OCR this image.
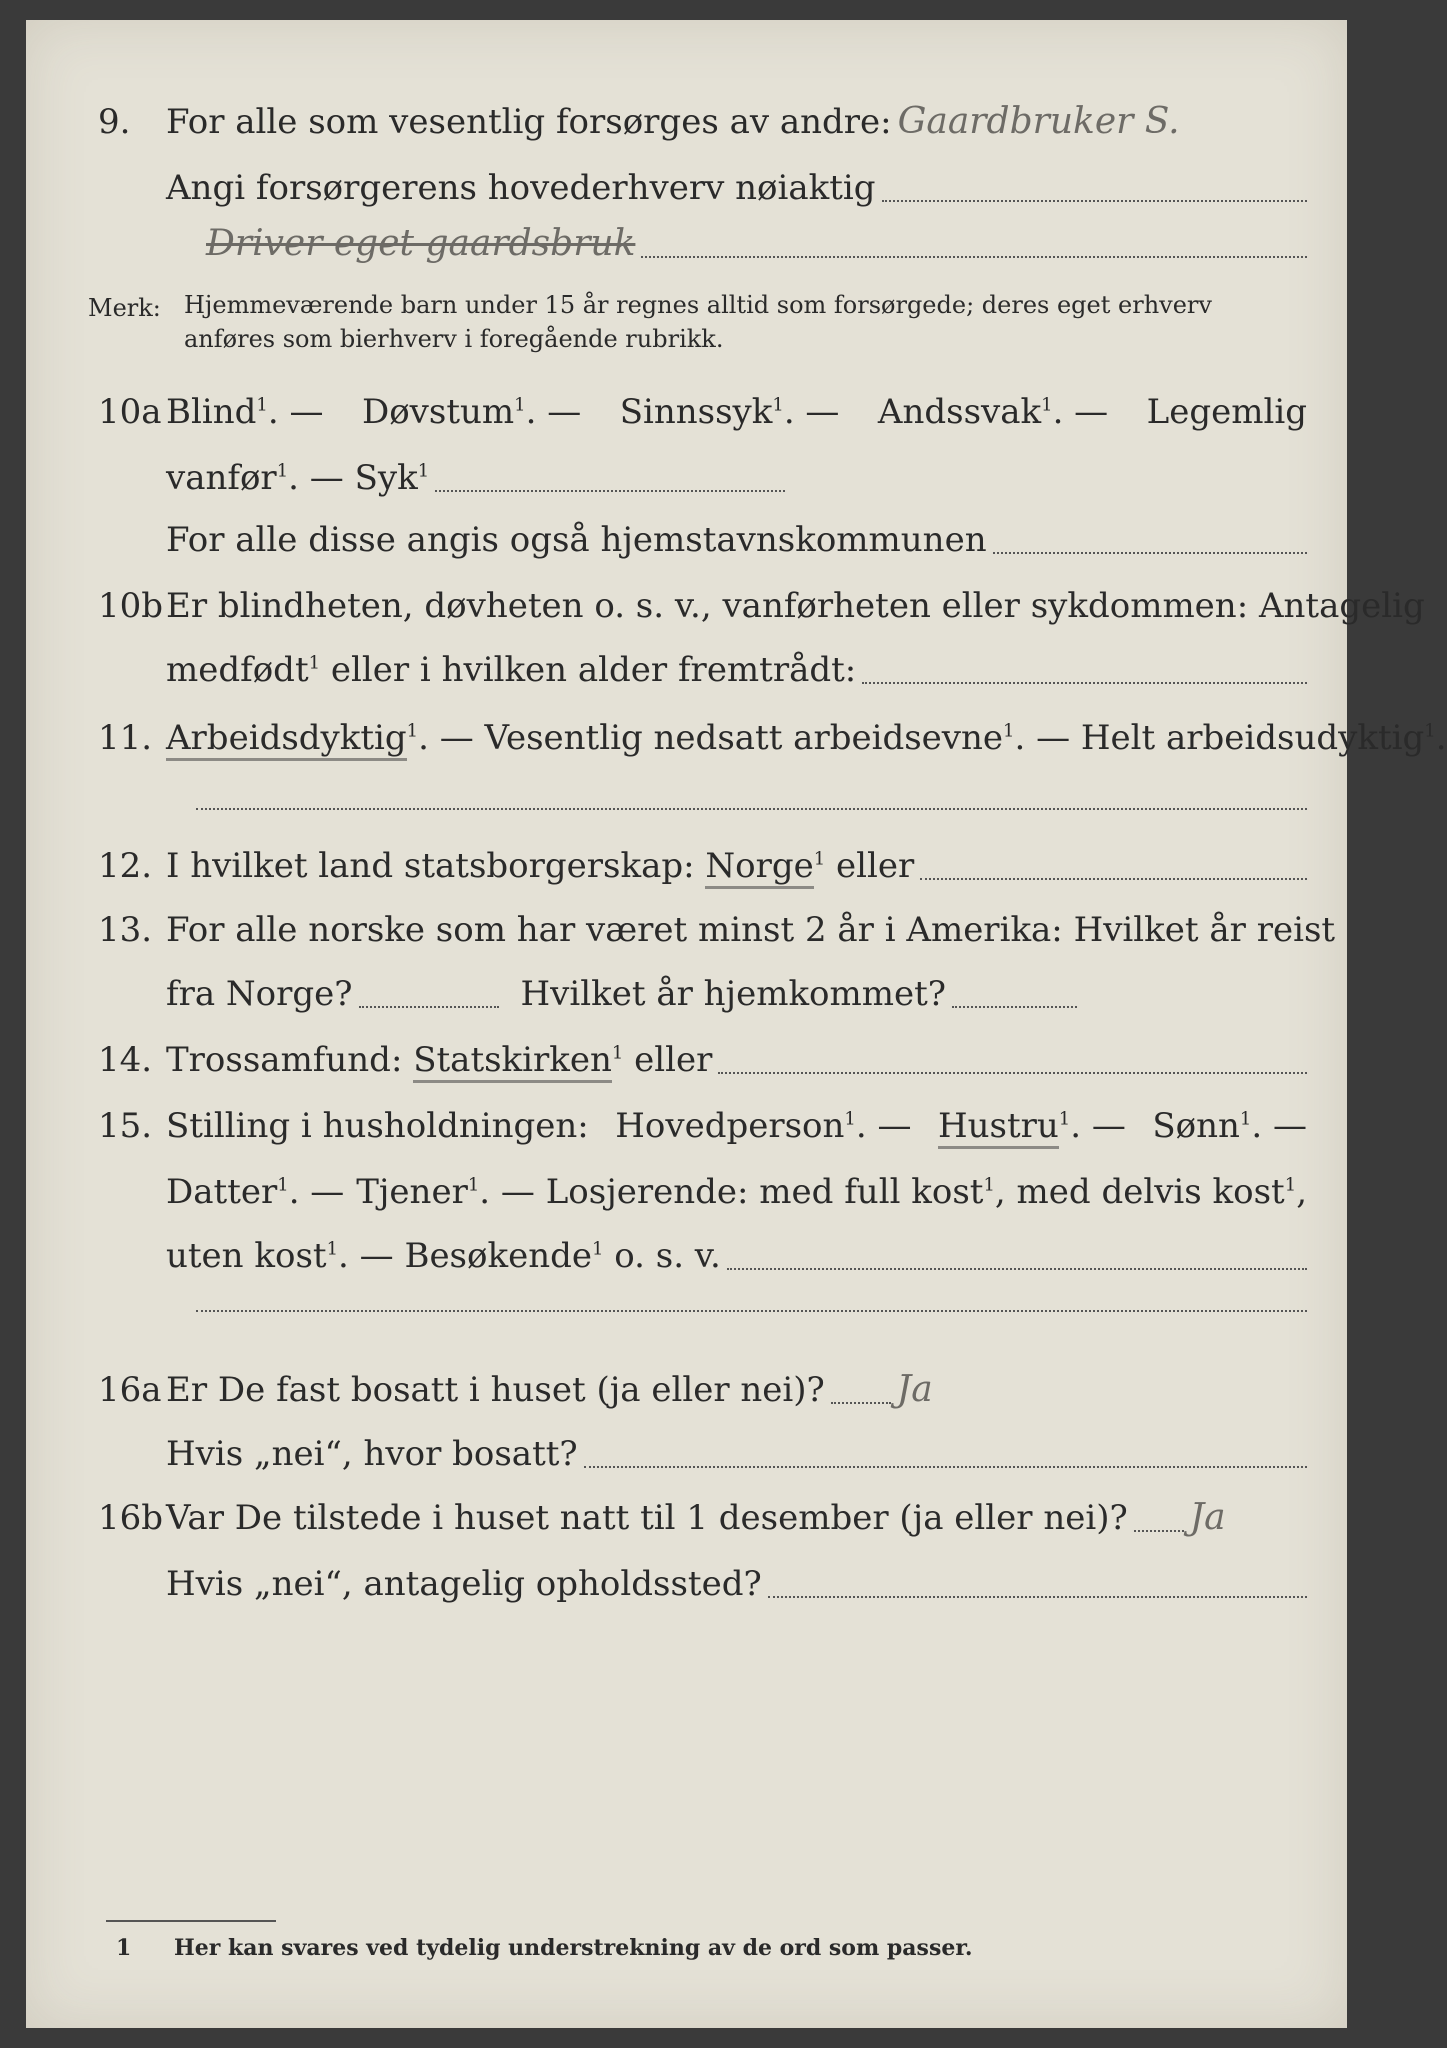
9. For alle som vesentlig forsørges av andre: Gaardbruker S.
Angi forsørgerens hovederhverv nøiaktig
Driver eget gaardsbruk
Merk: Hjemmeværende barn under 15 år regnes alltid som forsørgede; deres eget erhverv
anføres som bierhverv i foregående rubrikk.
10a Blind$^1$. — Døvstum$^1$. — Sinnssyk$^1$. — Andssvak$^1$. — Legemlig
vanfør$^1$. — Syk$^1$
For alle disse angis også hjemstavnskommunen
10b Er blindheten, døvheten o. s. v., vanførheten eller sykdommen: Antagelig
medfødt$^1$ eller i hvilken alder fremtrådt:
11. Arbeidsdyktig$^1$. — Vesentlig nedsatt arbeidsevne$^1$. — Helt arbeidsudyktig$^1$.
12. I hvilket land statsborgerskap: Norge$^1$ eller
13. For alle norske som har været minst 2 år i Amerika: Hvilket år reist
fra Norge?	Hvilket år hjemkommet?
14. Trossamfund: Statskirken$^1$ eller
15. Stilling i husholdningen: Hovedperson$^1$. — Hustru$^1$. — Sønn$^1$. —
Datter$^1$. — Tjener$^1$. — Losjerende: med full kost$^1$, med delvis kost$^1$,
uten kost$^1$. — Besøkende$^1$ o. s. v.
16a Er De fast bosatt i huset (ja eller nei)? Ja
Hvis „nei“, hvor bosatt?
16b Var De tilstede i huset natt til 1 desember (ja eller nei)? Ja
Hvis „nei“, antagelig opholdssted?
1 Her kan svares ved tydelig understrekning av de ord som passer.
